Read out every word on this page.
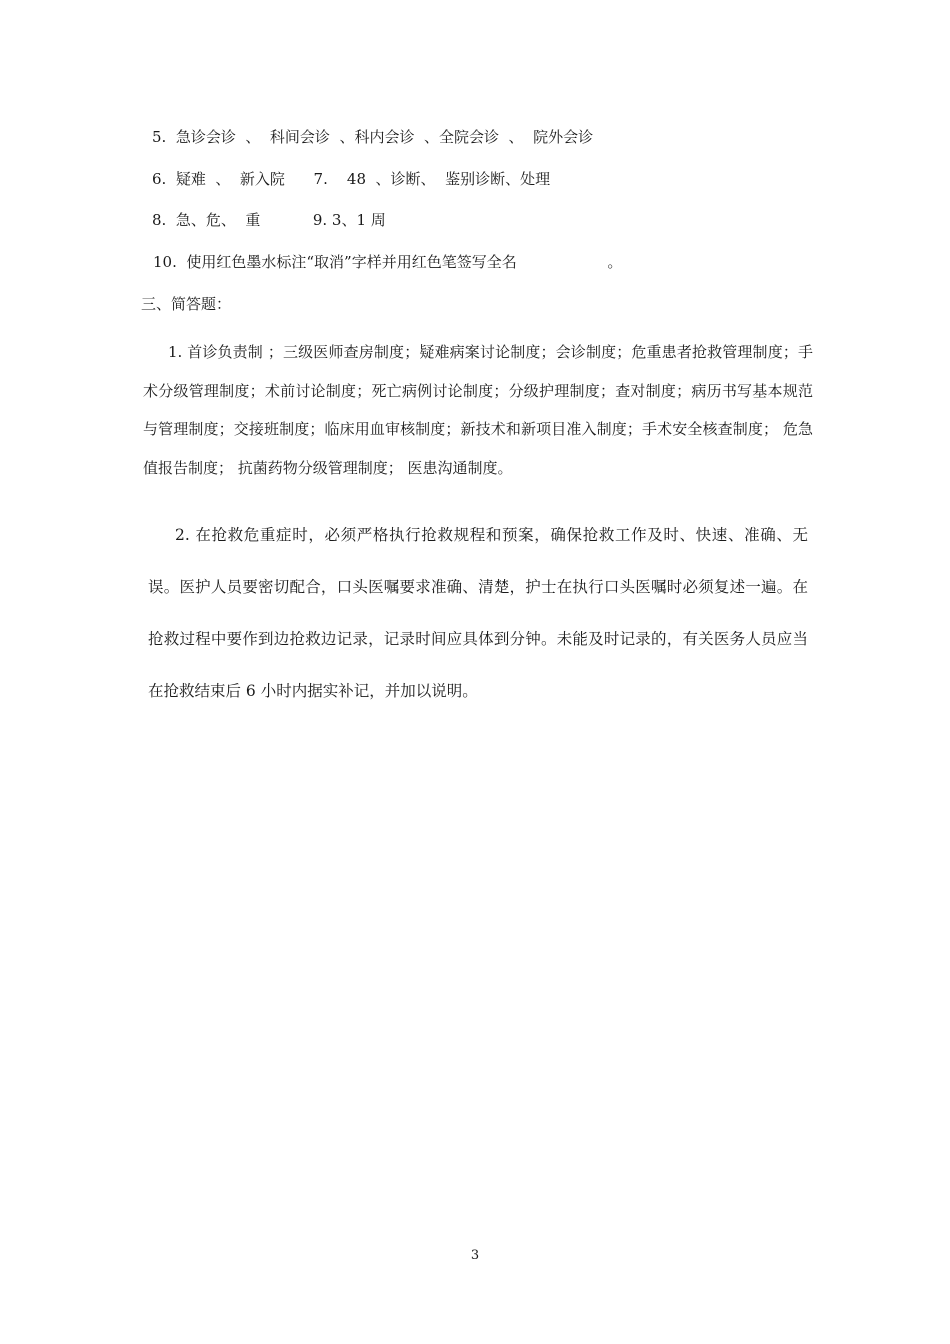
5.  急诊会诊  、  科间会诊  、科内会诊  、全院会诊  、  院外会诊
6.  疑难  、  新入院      7.    48  、诊断、  鉴别诊断、处理
8.  急、危、  重           9. 3、1 周
10.  使用红色墨水标注“取消”字样并用红色笔签写全名                   。
三、简答题：

1. 首诊负责制 ；三级医师查房制度；疑难病案讨论制度；会诊制度；危重患者抢救管理制度；手术分级管理制度；术前讨论制度；死亡病例讨论制度；分级护理制度；查对制度；病历书写基本规范与管理制度；交接班制度；临床用血审核制度；新技术和新项目准入制度；手术安全核查制度； 危急值报告制度； 抗菌药物分级管理制度； 医患沟通制度。

2. 在抢救危重症时，必须严格执行抢救规程和预案，确保抢救工作及时、快速、准确、无误。医护人员要密切配合，口头医嘱要求准确、清楚，护士在执行口头医嘱时必须复述一遍。在抢救过程中要作到边抢救边记录，记录时间应具体到分钟。未能及时记录的，有关医务人员应当在抢救结束后 6 小时内据实补记，并加以说明。

3
